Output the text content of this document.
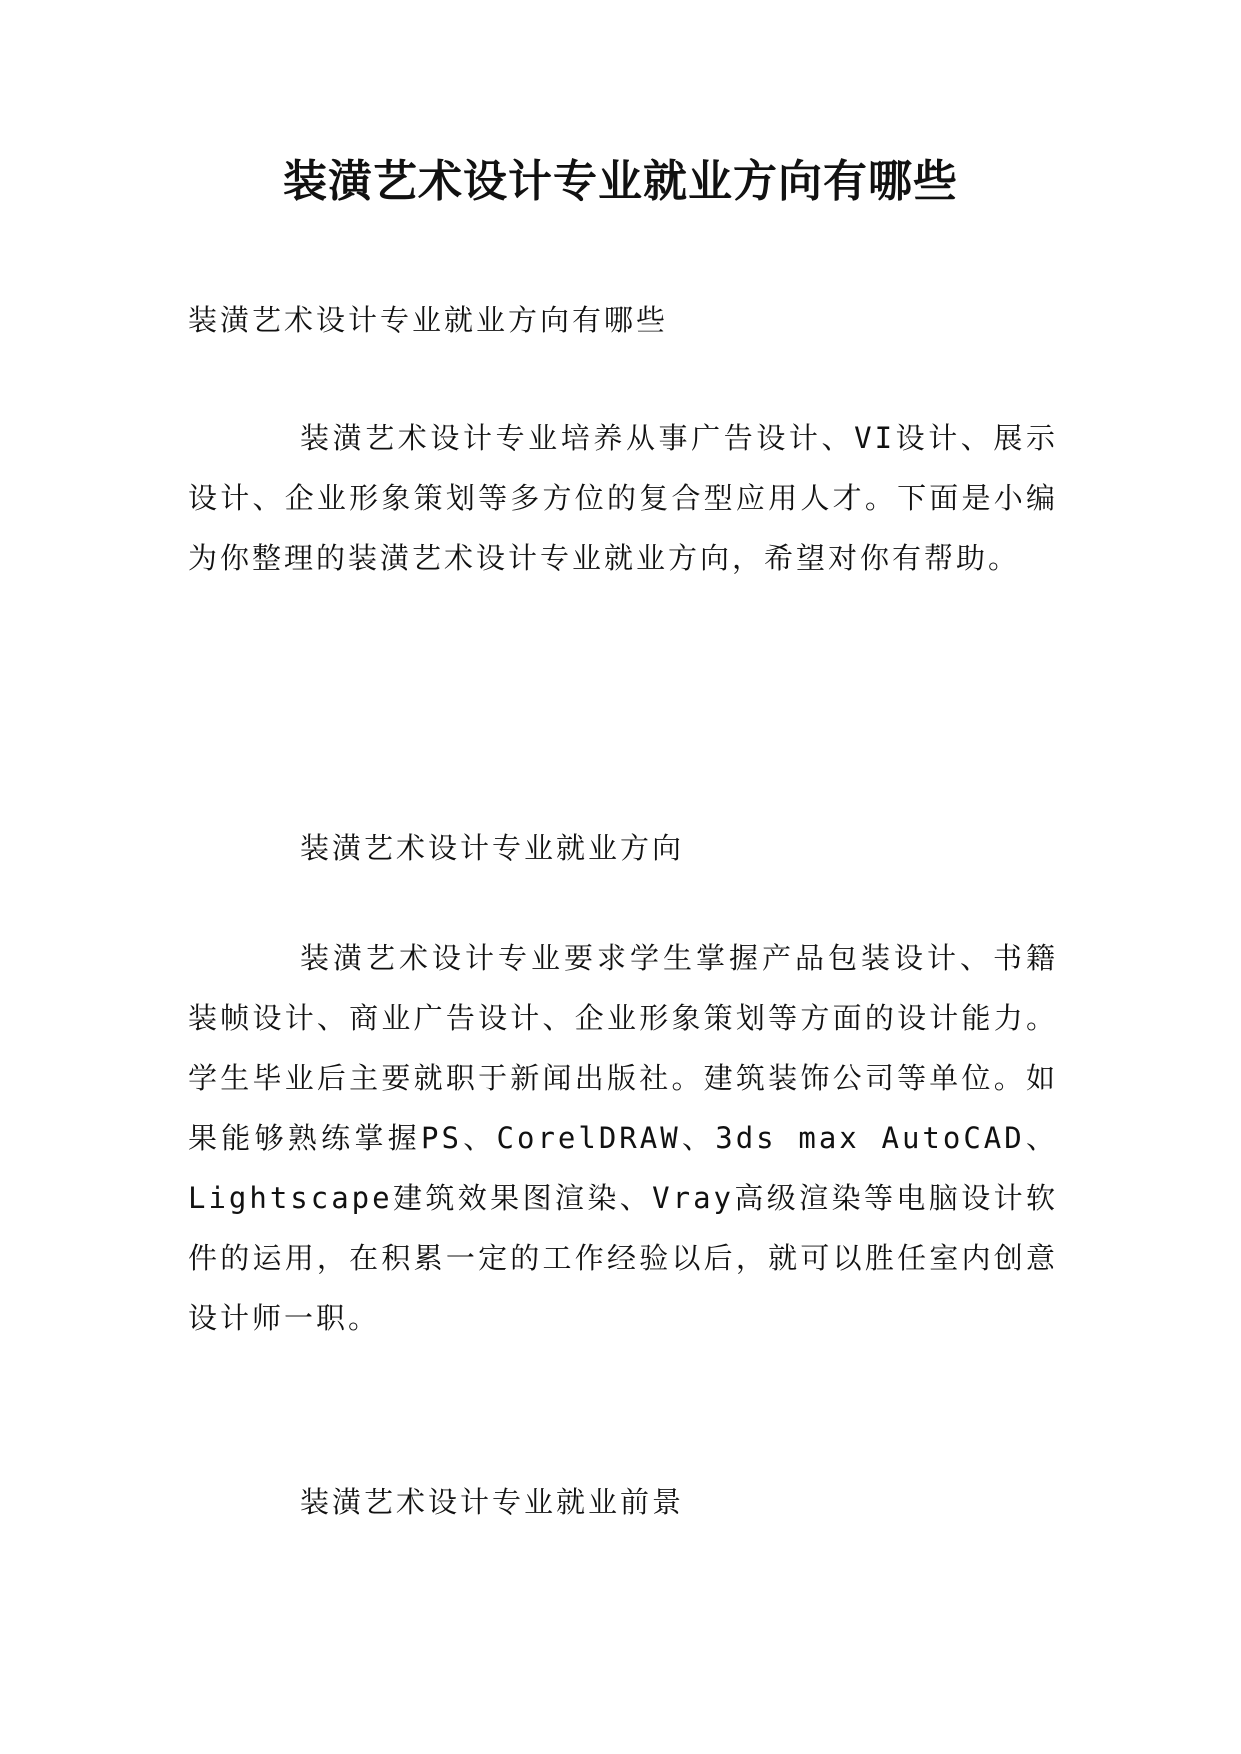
装潢艺术设计专业就业方向有哪些

装潢艺术设计专业就业方向有哪些

装潢艺术设计专业培养从事广告设计、VI设计、展示设计、企业形象策划等多方位的复合型应用人才。下面是小编为你整理的装潢艺术设计专业就业方向，希望对你有帮助。

装潢艺术设计专业就业方向

装潢艺术设计专业要求学生掌握产品包装设计、书籍装帧设计、商业广告设计、企业形象策划等方面的设计能力。学生毕业后主要就职于新闻出版社。建筑装饰公司等单位。如果能够熟练掌握PS、CorelDRAW、3ds max AutoCAD、Lightscape建筑效果图渲染、Vray高级渲染等电脑设计软件的运用，在积累一定的工作经验以后，就可以胜任室内创意设计师一职。

装潢艺术设计专业就业前景
